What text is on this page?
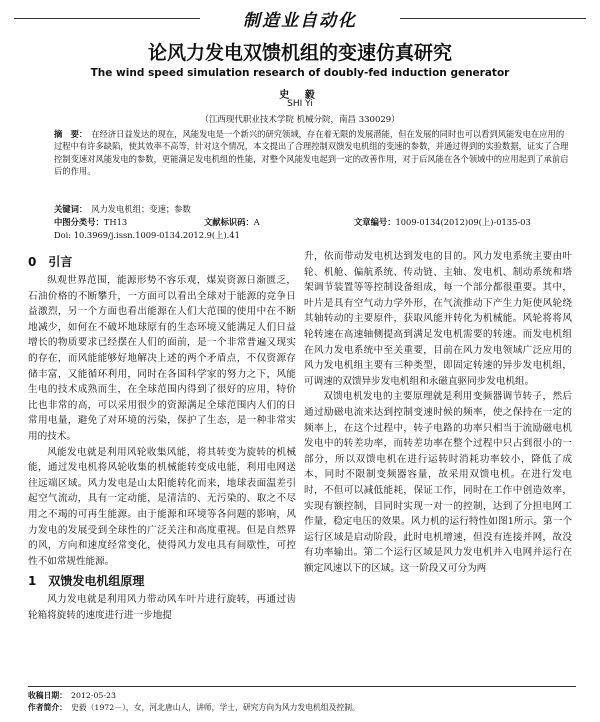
制造业自动化
论风力发电双馈机组的变速仿真研究
The wind speed simulation research of doubly-fed induction generator
史 毅
SHI Yi
（江西现代职业技术学院 机械分院，南昌 330029）
摘　要： 在经济日益发达的现在，风能发电是一个新兴的研究领域，存在着无限的发展潜能，但在发展的同时也可以看到风能发电在应用的过程中有许多缺陷，使其效率不高等，针对这个情况，本文提出了合理控制双馈发电机组的变速的参数，并通过得到的实验数据，证实了合理控制变速对风能发电的参数，更能满足发电机组的性能，对整个风能发电起到一定的改善作用，对于后风能在各个领域中的应用起到了承前启后的作用。
关键词： 风力发电机组；变速；参数
中图分类号：TH13	文献标识码：A	文章编号：1009-0134(2012)09(上)-0135-03
Doi: 10.3969/j.issn.1009-0134.2012.9(上).41
0　引言

纵观世界范围，能源形势不容乐观，煤炭资源日渐匮乏，石油价格的不断攀升，一方面可以看出全球对于能源的竞争日益激烈，另一个方面也看出能源在人们大范围的使用中在不断地减少，如何在不破坏地球原有的生态环境又能满足人们日益增长的物质要求已经摆在人们的面前，是一个非常普遍又现实的存在，而风能能够好地解决上述的两个矛盾点，不仅资源存储丰富，又能循环利用，同时在各国科学家的努力之下，风能生电的技术成熟而生，在全球范围内得到了很好的应用，特价比也非常的高，可以采用很少的资源满足全球范围内人们的日常用电量，避免了对环境的污染，保护了生态，是一种非常实用的技术。

风能发电就是利用风轮收集风能，将其转变为旋转的机械能，通过发电机将风轮收集的机械能转变成电能，利用电网送往远端区域。风力发电是山太阳能转化而来，地球表面温差引起空气流动，具有一定动能，是清洁的、无污染的、取之不尽用之不竭的可再生能源。由于能源和环境等各问题的影响，风力发电的发展受到全球性的广泛关注和高度重视。但是自然界的风，方向和速度经常变化，使得风力发电具有间歇性，可控性不如常规性能源。

1　双馈发电机组原理

风力发电就是利用风力带动风车叶片进行旋转，再通过齿轮箱将旋转的速度进行进一步地提

升，依而带动发电机达到发电的目的。风力发电系统主要由叶轮、机舱、偏航系统、传动链、主轴、发电机、制动系统和塔架调节装置等等控制设备组成，每一个部分都很重要。其中，叶片是具有空气动力学外形，在气流推动下产生力矩使风轮绕其轴转动的主要原件，获取风能并转化为机械能。风轮将将风轮转速在高速轴侧提高到满足发电机需要的转速。而发电机组在风力发电系统中至关重要，目前在风力发电领域广泛应用的风力发电机组主要有三种类型，即固定转速的异步发电机组，可调速的双馈异步发电机组和永磁直驱同步发电机组。

双馈电机发电的主要原理就是利用变频器调节转子，然后通过励磁电流来达到控制变速时候的频率，使之保持在一定的频率上，在这个过程中，转子电路的功率只相当于流励磁电机发电中的转差功率，而转差功率在整个过程中只占到很小的一部分，所以双馈电机在进行运转时消耗功率较小，降低了成本，同时不限制变频器容量，故采用双馈电机。在进行发电时，不但可以减低能耗，保证工作，同时在工作中创造效率，实现有额控制，目同时实现一对一的控制，达到了分担电网工作量，稳定电压的效果。风力机的运行特性如图1所示。第一个运行区域是启动阶段，此时电机增速，但没有连接并网，故没有功率输出。第二个运行区域是风力发电机并入电网并运行在额定风速以下的区域。这一阶段又可分为两

收稿日期： 2012-05-23
作者简介： 史毅（1972－），女，河北唐山人，讲师，学士，研究方向为风力发电机组及控制。
